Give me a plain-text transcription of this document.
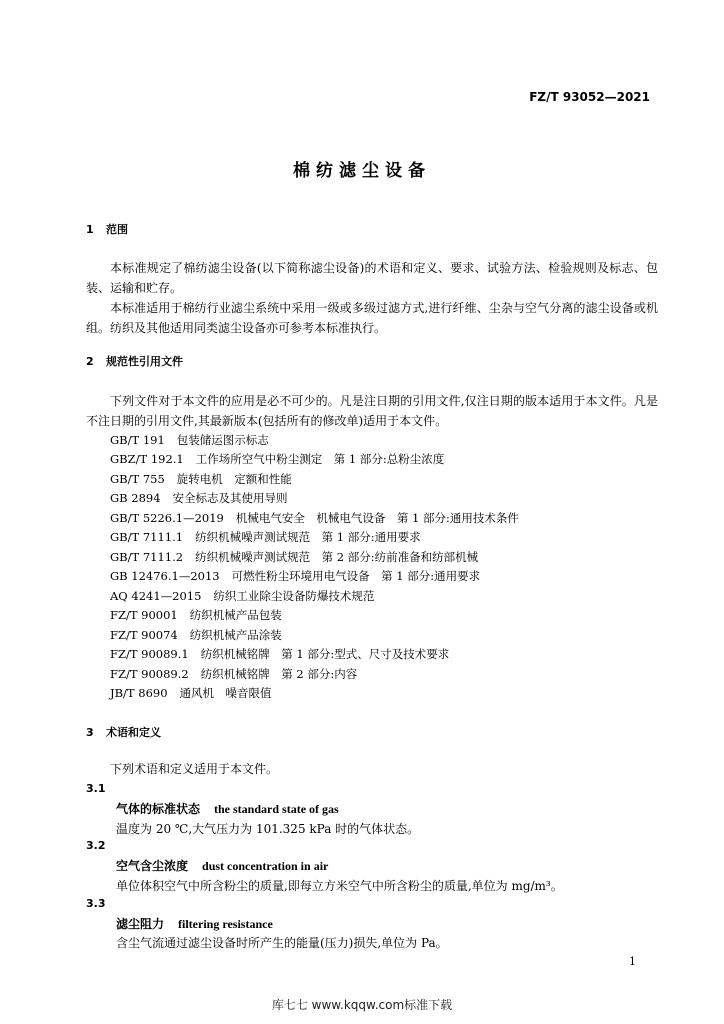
FZ/T 93052—2021
棉纺滤尘设备
1 范围
本标准规定了棉纺滤尘设备(以下简称滤尘设备)的术语和定义、要求、试验方法、检验规则及标志、包装、运输和贮存。
本标准适用于棉纺行业滤尘系统中采用一级或多级过滤方式,进行纤维、尘杂与空气分离的滤尘设备或机组。纺织及其他适用同类滤尘设备亦可参考本标准执行。
2 规范性引用文件
下列文件对于本文件的应用是必不可少的。凡是注日期的引用文件,仅注日期的版本适用于本文件。凡是不注日期的引用文件,其最新版本(包括所有的修改单)适用于本文件。
GB/T 191 包装储运图示标志
GBZ/T 192.1 工作场所空气中粉尘测定　第 1 部分:总粉尘浓度
GB/T 755 旋转电机　定额和性能
GB 2894 安全标志及其使用导则
GB/T 5226.1—2019 机械电气安全　机械电气设备　第 1 部分:通用技术条件
GB/T 7111.1 纺织机械噪声测试规范　第 1 部分:通用要求
GB/T 7111.2 纺织机械噪声测试规范　第 2 部分:纺前准备和纺部机械
GB 12476.1—2013 可燃性粉尘环境用电气设备　第 1 部分:通用要求
AQ 4241—2015 纺织工业除尘设备防爆技术规范
FZ/T 90001 纺织机械产品包装
FZ/T 90074 纺织机械产品涂装
FZ/T 90089.1 纺织机械铭牌　第 1 部分:型式、尺寸及技术要求
FZ/T 90089.2 纺织机械铭牌　第 2 部分:内容
JB/T 8690 通风机　噪音限值
3 术语和定义
下列术语和定义适用于本文件。
3.1
气体的标准状态 the standard state of gas
温度为 20 ℃,大气压力为 101.325 kPa 时的气体状态。
3.2
空气含尘浓度 dust concentration in air
单位体积空气中所含粉尘的质量,即每立方米空气中所含粉尘的质量,单位为 mg/m³。
3.3
滤尘阻力 filtering resistance
含尘气流通过滤尘设备时所产生的能量(压力)损失,单位为 Pa。
1
库七七 www.kqqw.com标准下载
